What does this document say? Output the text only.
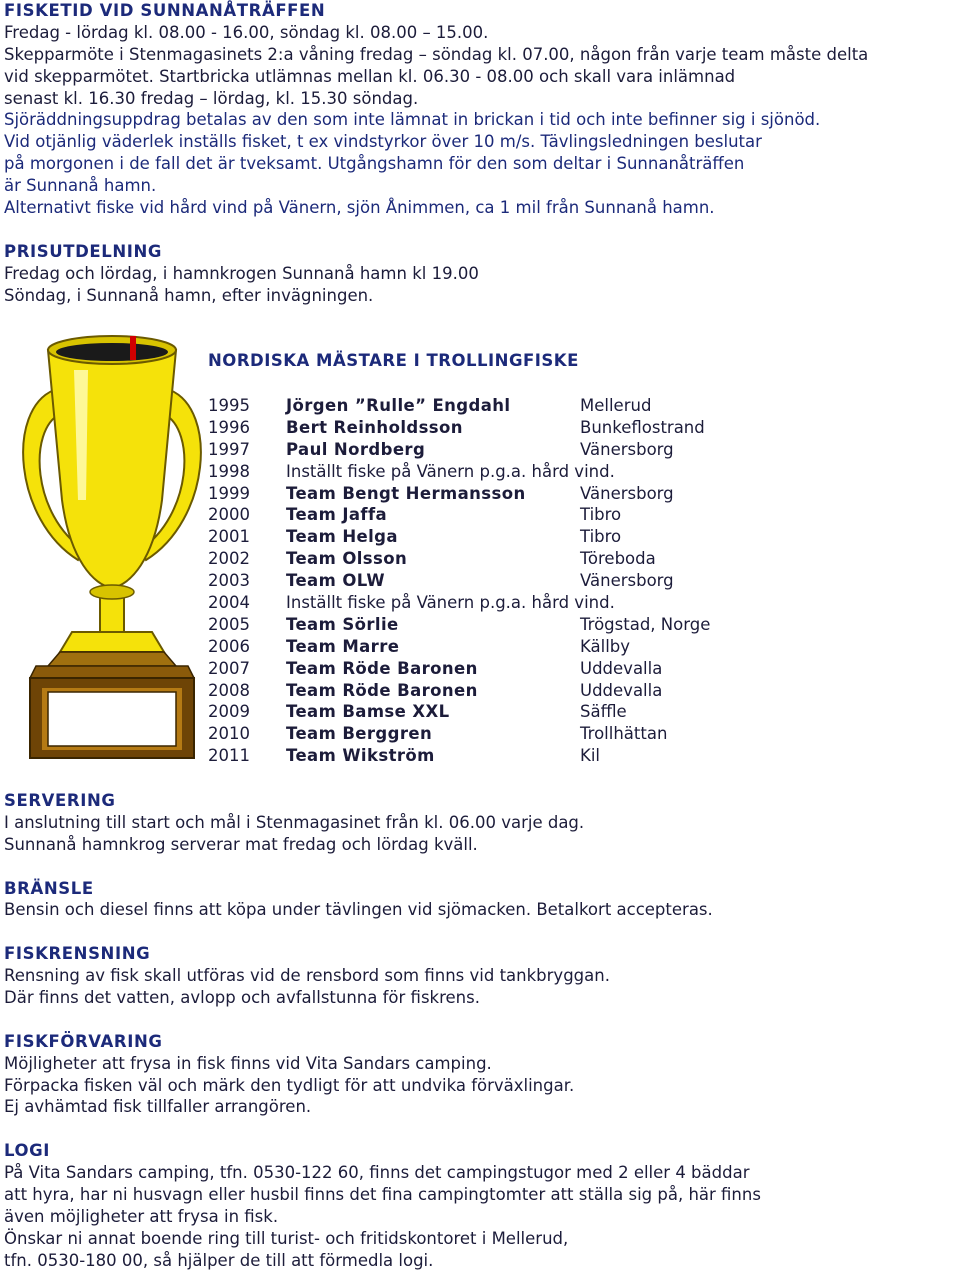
FISKETID VID SUNNANÅTRÄFFEN
Fredag - lördag kl. 08.00 - 16.00, söndag kl. 08.00 – 15.00.
Skepparmöte i Stenmagasinets 2:a våning fredag – söndag kl. 07.00, någon från varje team måste delta
vid skepparmötet. Startbricka utlämnas mellan kl. 06.30 - 08.00 och skall vara inlämnad
senast kl. 16.30 fredag – lördag, kl. 15.30 söndag.
Sjöräddningsuppdrag betalas av den som inte lämnat in brickan i tid och inte befinner sig i sjönöd.
Vid otjänlig väderlek inställs fisket, t ex vindstyrkor över 10 m/s. Tävlingsledningen beslutar
på morgonen i de fall det är tveksamt. Utgångshamn för den som deltar i Sunnanåträffen
är Sunnanå hamn.
Alternativt fiske vid hård vind på Vänern, sjön Ånimmen, ca 1 mil från Sunnanå hamn.
PRISUTDELNING
Fredag och lördag, i hamnkrogen Sunnanå hamn kl 19.00
Söndag, i Sunnanå hamn, efter invägningen.
NORDISKA MÄSTARE I TROLLINGFISKE
1995 Jörgen ”Rulle” Engdahl	Mellerud
1996 Bert Reinholdsson	Bunkeflostrand
1997 Paul Nordberg	Vänersborg
1998 Inställt fiske på Vänern p.g.a. hård vind.
1999 Team Bengt Hermansson	Vänersborg
2000 Team Jaffa	Tibro
2001 Team Helga	Tibro
2002 Team Olsson	Töreboda
2003 Team OLW	Vänersborg
2004 Inställt fiske på Vänern p.g.a. hård vind.
2005 Team Sörlie	Trögstad, Norge
2006 Team Marre	Källby
2007 Team Röde Baronen	Uddevalla
2008 Team Röde Baronen	Uddevalla
2009 Team Bamse XXL	Säffle
2010 Team Berggren	Trollhättan
2011 Team Wikström	Kil
SERVERING
I anslutning till start och mål i Stenmagasinet från kl. 06.00 varje dag.
Sunnanå hamnkrog serverar mat fredag och lördag kväll.
BRÄNSLE
Bensin och diesel finns att köpa under tävlingen vid sjömacken. Betalkort accepteras.
FISKRENSNING
Rensning av fisk skall utföras vid de rensbord som finns vid tankbryggan.
Där finns det vatten, avlopp och avfallstunna för fiskrens.
FISKFÖRVARING
Möjligheter att frysa in fisk finns vid Vita Sandars camping.
Förpacka fisken väl och märk den tydligt för att undvika förväxlingar.
Ej avhämtad fisk tillfaller arrangören.
LOGI
På Vita Sandars camping, tfn. 0530-122 60, finns det campingstugor med 2 eller 4 bäddar
att hyra, har ni husvagn eller husbil finns det fina campingtomter att ställa sig på, här finns
även möjligheter att frysa in fisk.
Önskar ni annat boende ring till turist- och fritidskontoret i Mellerud,
tfn. 0530-180 00, så hjälper de till att förmedla logi.
